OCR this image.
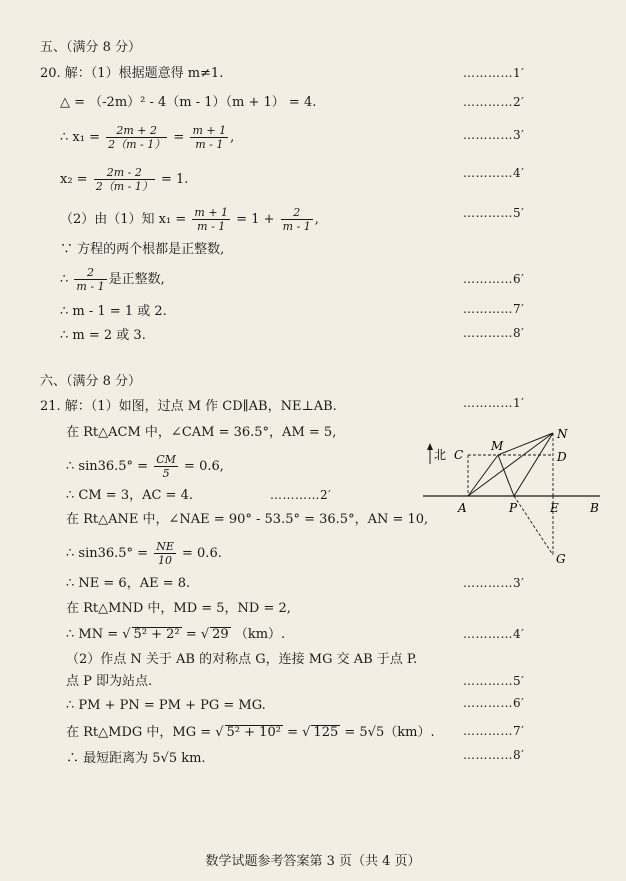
五、（满分 8 分）
20. 解：（1）根据题意得 m≠1.	…………1′
△ = （-2m）² - 4（m - 1）（m + 1） = 4.	…………2′
∴ $x_1 = \frac{2m + 2}{2(m - 1)} = \frac{m + 1}{m - 1}$ ,	…………3′
$x_2 = \frac{2m - 2}{2(m - 1)} = 1$.	…………4′
（2）由（1）知 $x_1 = \frac{m + 1}{m - 1} = 1 + \frac{2}{m - 1}$ ,	…………5′
∵ 方程的两个根都是正整数,
∴ $\frac{2}{m - 1}$ 是正整数,	…………6′
∴ m - 1 = 1 或 2.	…………7′
∴ m = 2 或 3.	…………8′
六、（满分 8 分）
21. 解：（1）如图，过点 M 作 CD∥AB，NE⊥AB.	…………1′
在 Rt△ACM 中，∠CAM = 36.5°，AM = 5,
∴ $\sin 36.5^\circ = \frac{CM}{5} = 0.6$,
∴ CM = 3，AC = 4.	…………2′
在 Rt△ANE 中，∠NAE = 90° - 53.5° = 36.5°，AN = 10,
∴ $\sin 36.5^\circ = \frac{NE}{10} = 0.6$.
∴ NE = 6，AE = 8.	…………3′
在 Rt△MND 中，MD = 5，ND = 2,
∴ MN = √ 5² + 2² = √ 29 （km）.	…………4′
（2）作点 N 关于 AB 的对称点 G，连接 MG 交 AB 于点 P.
点 P 即为站点.	…………5′
∴ PM + PN = PM + PG = MG.	…………6′
在 Rt△MDG 中，MG = √ 5² + 10² = √ 125 = 5√5（km）. …………7′
∴ 最短距离为 5√5 km.	…………8′
北 C
M
N
D
A	P	E	B
G
数学试题参考答案第 3 页（共 4 页）
